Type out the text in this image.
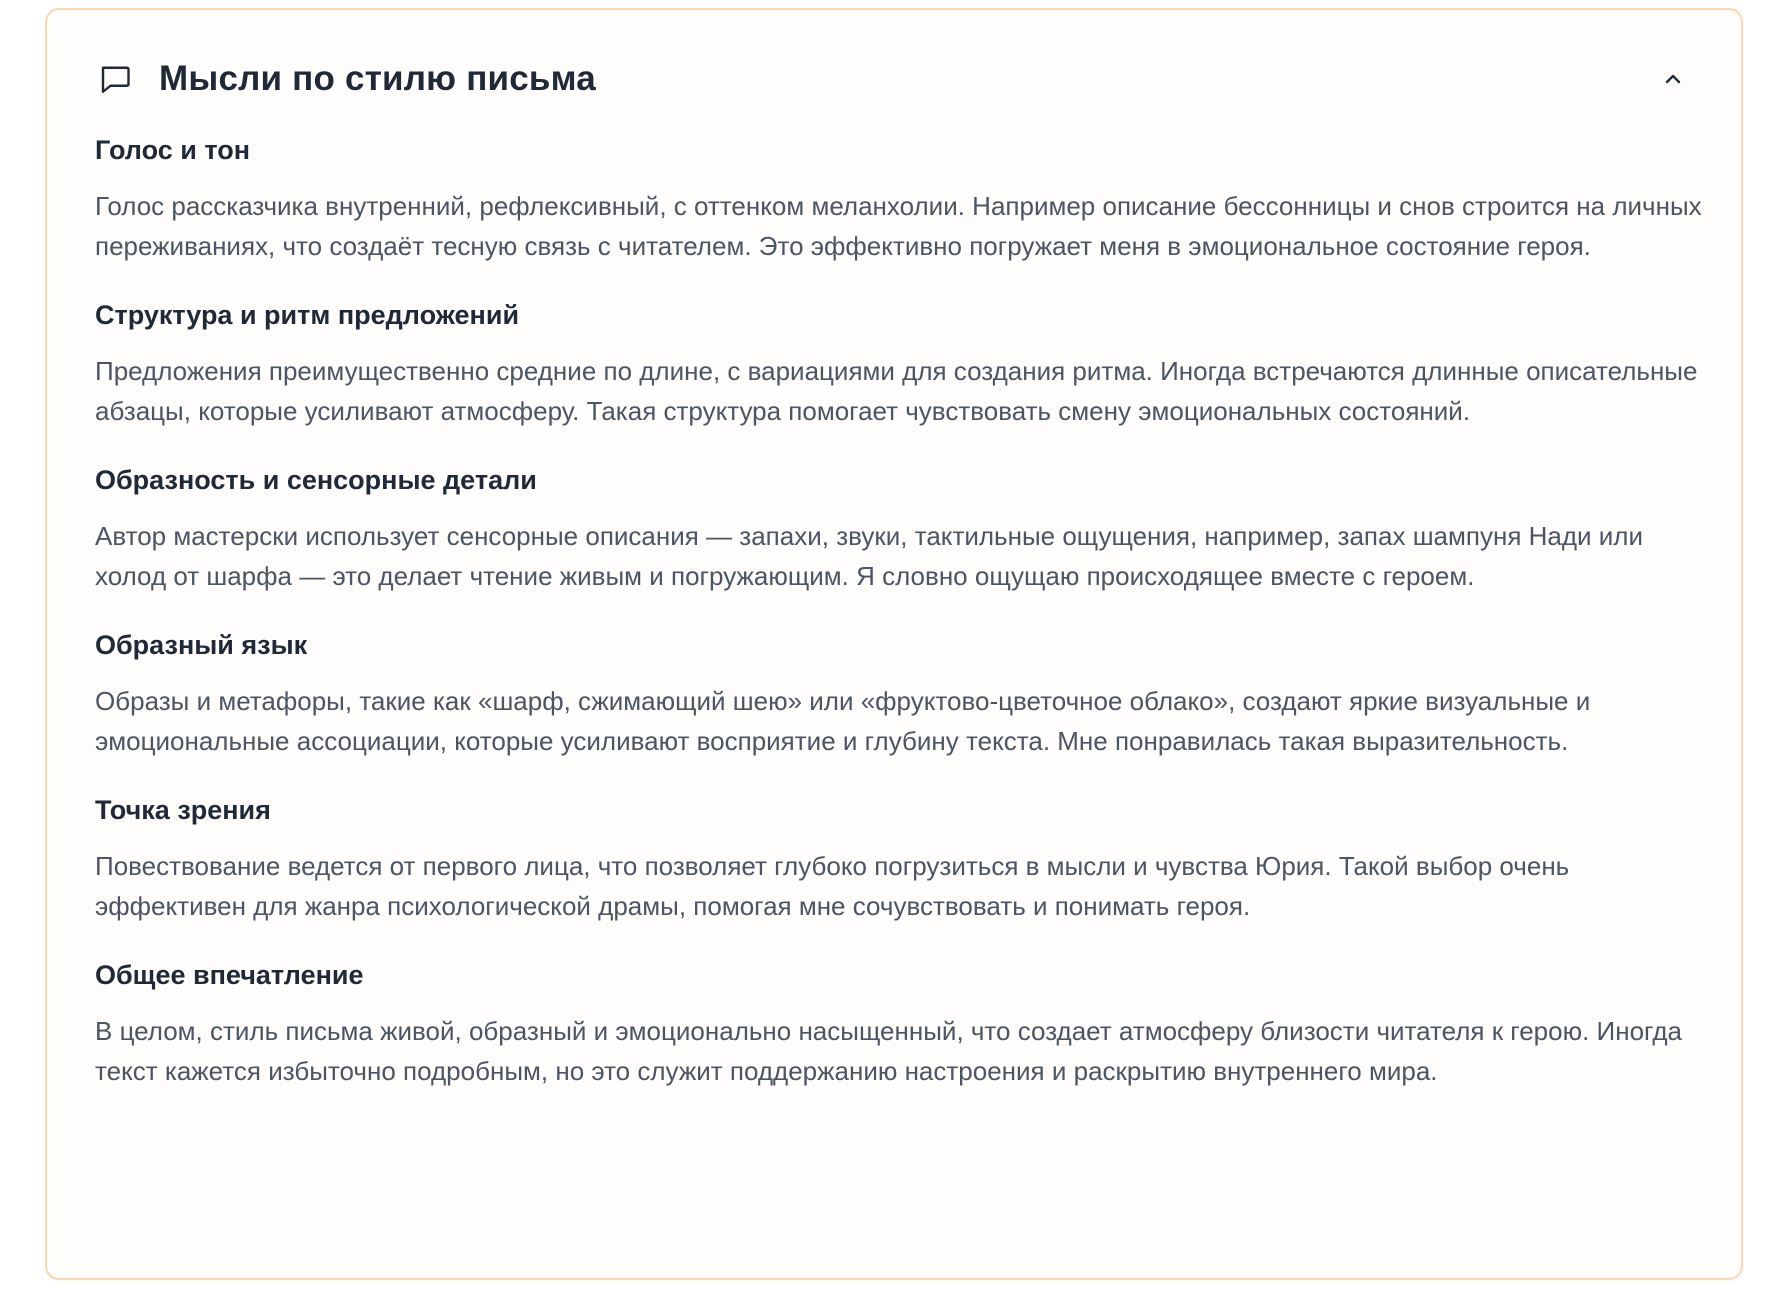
Мысли по стилю письма
Голос и тон

Голос рассказчика внутренний, рефлексивный, с оттенком меланхолии. Например описание бессонницы и снов строится на личных переживаниях, что создаёт тесную связь с читателем. Это эффективно погружает меня в эмоциональное состояние героя.

Структура и ритм предложений

Предложения преимущественно средние по длине, с вариациями для создания ритма. Иногда встречаются длинные описательные абзацы, которые усиливают атмосферу. Такая структура помогает чувствовать смену эмоциональных состояний.

Образность и сенсорные детали

Автор мастерски использует сенсорные описания — запахи, звуки, тактильные ощущения, например, запах шампуня Нади или холод от шарфа — это делает чтение живым и погружающим. Я словно ощущаю происходящее вместе с героем.

Образный язык

Образы и метафоры, такие как «шарф, сжимающий шею» или «фруктово-цветочное облако», создают яркие визуальные и эмоциональные ассоциации, которые усиливают восприятие и глубину текста. Мне понравилась такая выразительность.

Точка зрения

Повествование ведется от первого лица, что позволяет глубоко погрузиться в мысли и чувства Юрия. Такой выбор очень эффективен для жанра психологической драмы, помогая мне сочувствовать и понимать героя.

Общее впечатление

В целом, стиль письма живой, образный и эмоционально насыщенный, что создает атмосферу близости читателя к герою. Иногда текст кажется избыточно подробным, но это служит поддержанию настроения и раскрытию внутреннего мира.
